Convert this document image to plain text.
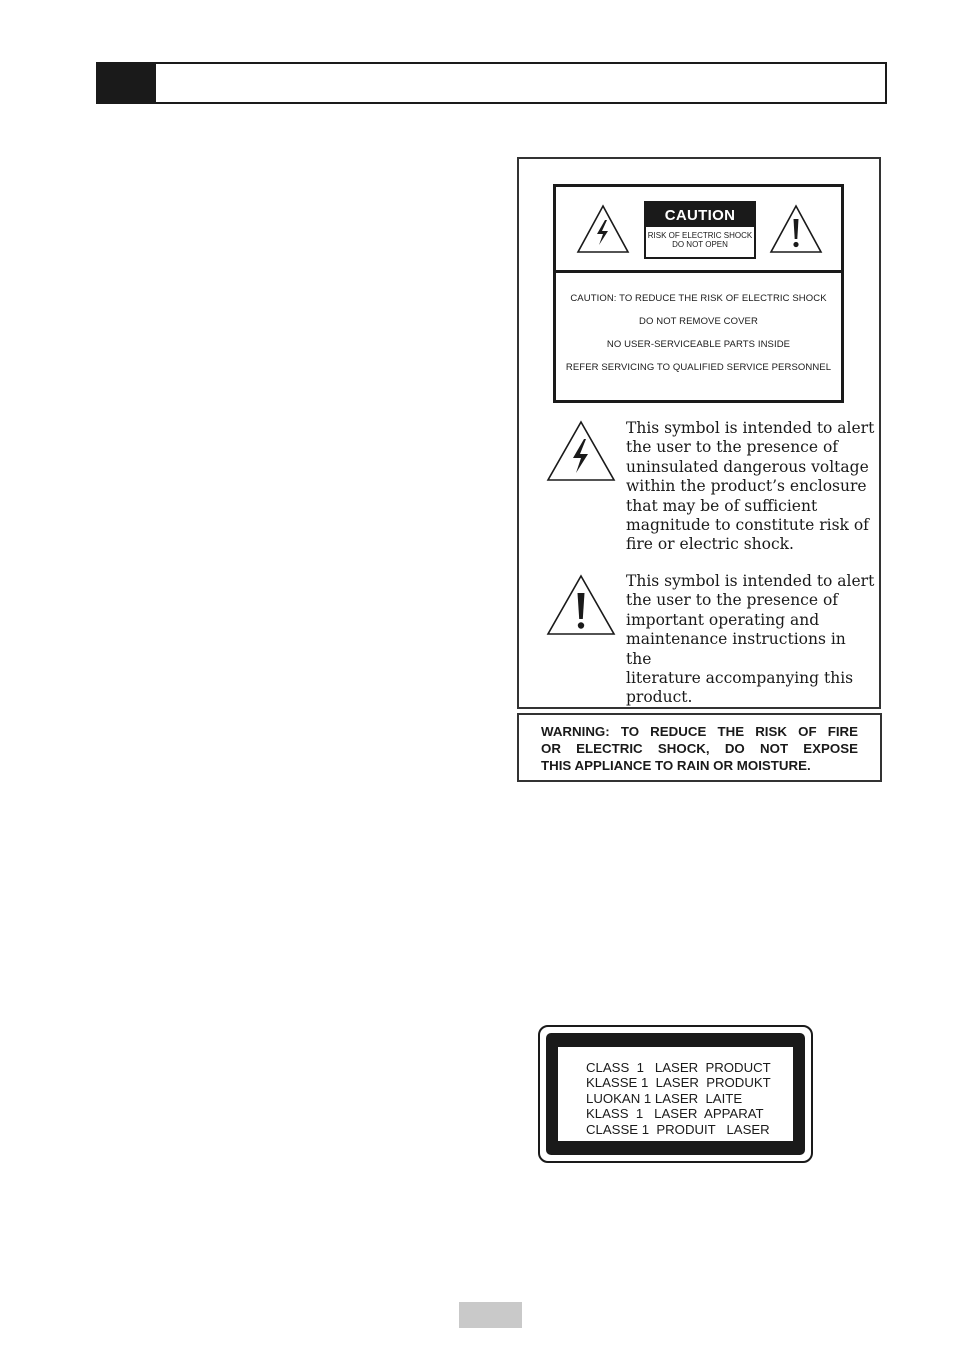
CAUTION
RISK OF ELECTRIC SHOCK
DO NOT OPEN
CAUTION: TO REDUCE THE RISK OF ELECTRIC SHOCK
DO NOT REMOVE COVER
NO USER-SERVICEABLE PARTS INSIDE
REFER SERVICING TO QUALIFIED SERVICE PERSONNEL
This symbol is intended to alert
the user to the presence of
uninsulated dangerous voltage
within the product’s enclosure
that may be of sufficient
magnitude to constitute risk of
fire or electric shock.
This symbol is intended to alert
the user to the presence of
important operating and
maintenance instructions in the
literature accompanying this
product.
WARNING: TO REDUCE THE RISK OF FIRE
OR ELECTRIC SHOCK, DO NOT EXPOSE
THIS APPLIANCE TO RAIN OR MOISTURE.
CLASS  1   LASER  PRODUCT
KLASSE 1  LASER  PRODUKT
LUOKAN 1 LASER  LAITE
KLASS  1   LASER  APPARAT
CLASSE 1  PRODUIT   LASER
